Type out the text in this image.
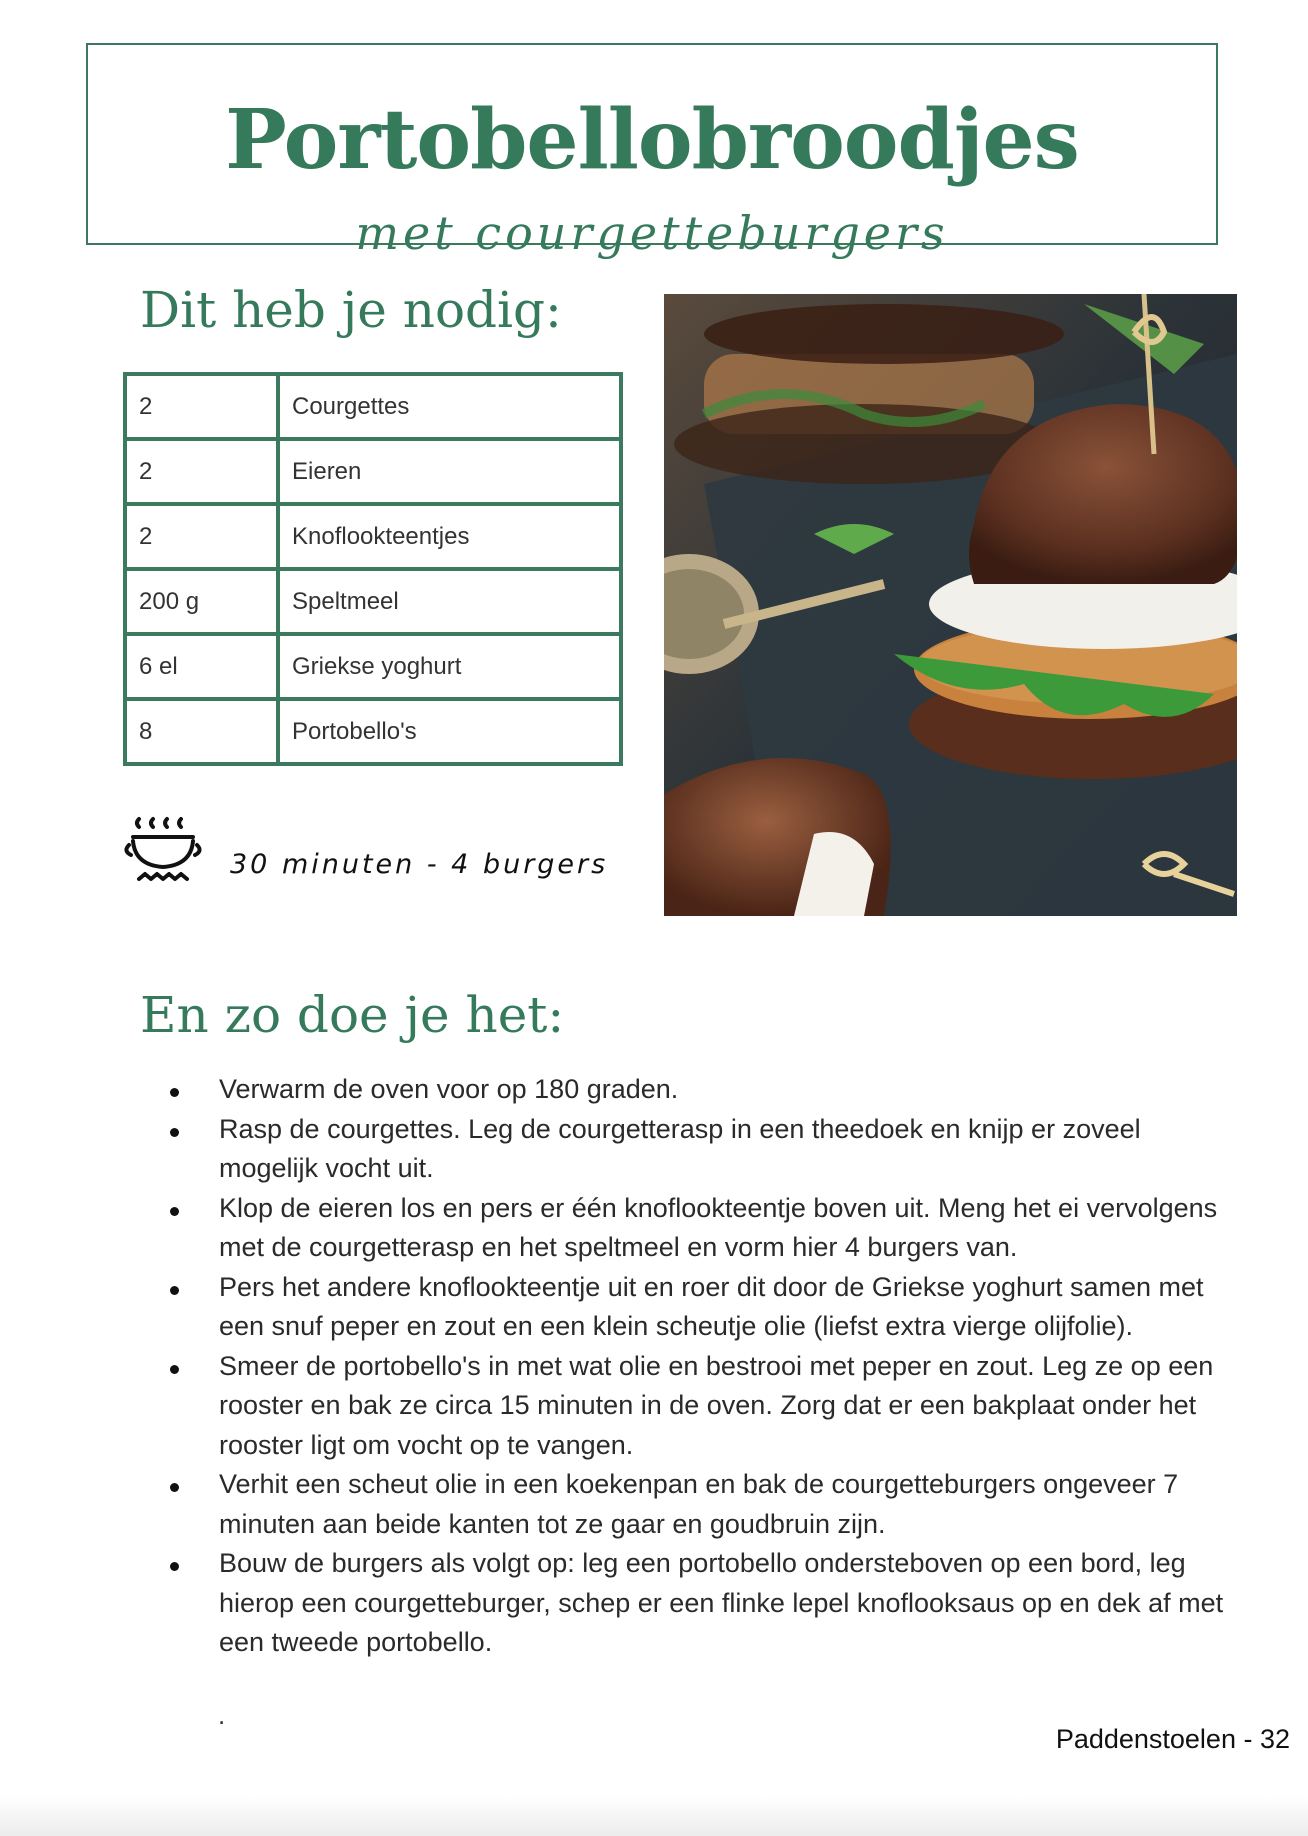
Portobellobroodjes
met courgetteburgers
Dit heb je nodig:
2	Courgettes
2	Eieren
2	Knoflookteentjes
200 g	Speltmeel
6 el	Griekse yoghurt
8	Portobello's
30 minuten - 4 burgers
En zo doe je het:
Verwarm de oven voor op 180 graden.
Rasp de courgettes. Leg de courgetterasp in een theedoek en knijp er zoveel mogelijk vocht uit.
Klop de eieren los en pers er één knoflookteentje boven uit. Meng het ei vervolgens met de courgetterasp en het speltmeel en vorm hier 4 burgers van.
Pers het andere knoflookteentje uit en roer dit door de Griekse yoghurt samen met een snuf peper en zout en een klein scheutje olie (liefst extra vierge olijfolie).
Smeer de portobello's in met wat olie en bestrooi met peper en zout. Leg ze op een rooster en bak ze circa 15 minuten in de oven. Zorg dat er een bakplaat onder het rooster ligt om vocht op te vangen.
Verhit een scheut olie in een koekenpan en bak de courgetteburgers ongeveer 7 minuten aan beide kanten tot ze gaar en goudbruin zijn.
Bouw de burgers als volgt op: leg een portobello ondersteboven op een bord, leg hierop een courgetteburger, schep er een flinke lepel knoflooksaus op en dek af met een tweede portobello.
.
Paddenstoelen - 32
